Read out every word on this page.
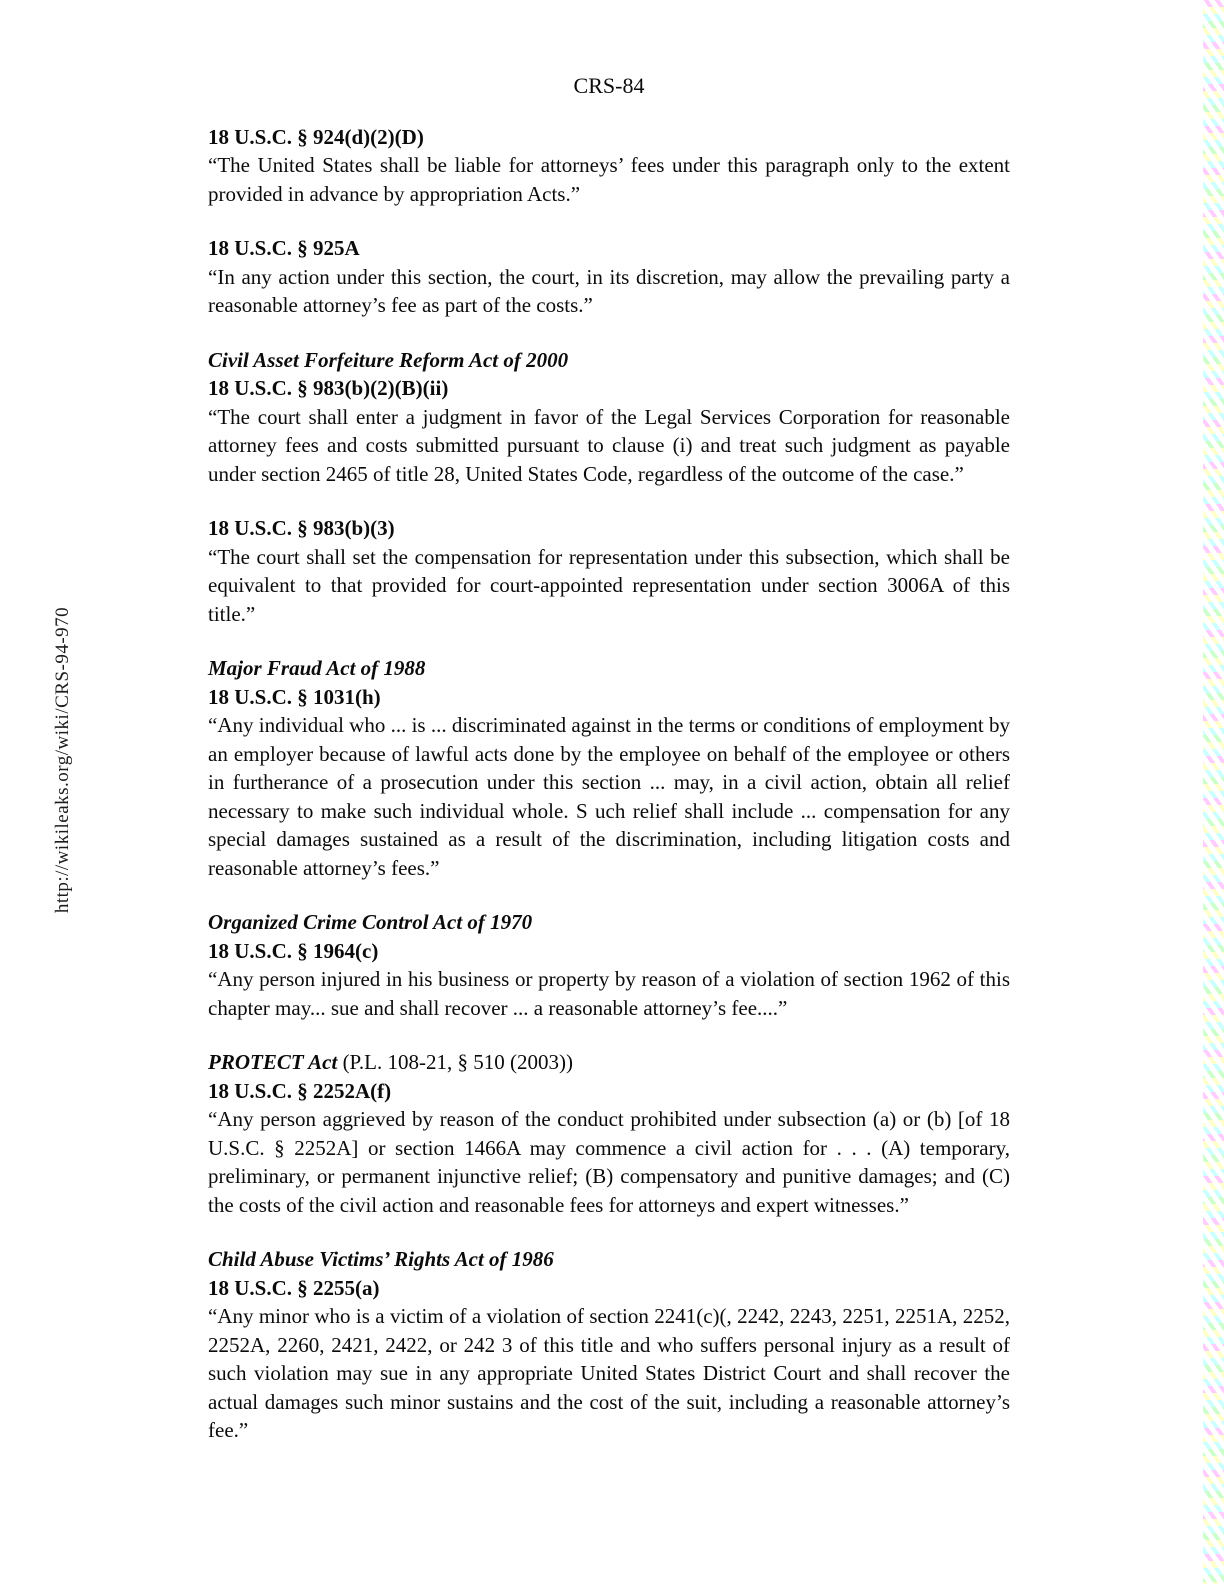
http://wikileaks.org/wiki/CRS-94-970
CRS-84
18 U.S.C. § 924(d)(2)(D)

“The United States shall be liable for attorneys’ fees under this paragraph only to the extent provided in advance by appropriation Acts.”

18 U.S.C. § 925A

“In any action under this section, the court, in its discretion, may allow the prevailing party a reasonable attorney’s fee as part of the costs.”

Civil Asset Forfeiture Reform Act of 2000
18 U.S.C. § 983(b)(2)(B)(ii)

“The court shall enter a judgment in favor of the Legal Services Corporation for reasonable attorney fees and costs submitted pursuant to clause (i) and treat such judgment as payable under section 2465 of title 28, United States Code, regardless of the outcome of the case.”

18 U.S.C. § 983(b)(3)

“The court shall set the compensation for representation under this subsection, which shall be equivalent to that provided for court-appointed representation under section 3006A of this title.”

Major Fraud Act of 1988
18 U.S.C. § 1031(h)

“Any individual who ... is ... discriminated against in the terms or conditions of employment by an employer because of lawful acts done by the employee on behalf of the employee or others in furtherance of a prosecution under this section ... may, in a civil action, obtain all relief necessary to make such individual whole. S uch relief shall include ... compensation for any special damages sustained as a result of the discrimination, including litigation costs and reasonable attorney’s fees.”

Organized Crime Control Act of 1970
18 U.S.C. § 1964(c)

“Any person injured in his business or property by reason of a violation of section 1962 of this chapter may... sue and shall recover ... a reasonable attorney’s fee....”

PROTECT Act (P.L. 108-21, § 510 (2003))
18 U.S.C. § 2252A(f)

“Any person aggrieved by reason of the conduct prohibited under subsection (a) or (b) [of 18 U.S.C. § 2252A] or section 1466A may commence a civil action for . . . (A) temporary, preliminary, or permanent injunctive relief; (B) compensatory and punitive damages; and (C) the costs of the civil action and reasonable fees for attorneys and expert witnesses.”

Child Abuse Victims’ Rights Act of 1986
18 U.S.C. § 2255(a)

“Any minor who is a victim of a violation of section 2241(c)(, 2242, 2243, 2251, 2251A, 2252, 2252A, 2260, 2421, 2422, or 242 3 of this title and who suffers personal injury as a result of such violation may sue in any appropriate United States District Court and shall recover the actual damages such minor sustains and the cost of the suit, including a reasonable attorney’s fee.”
